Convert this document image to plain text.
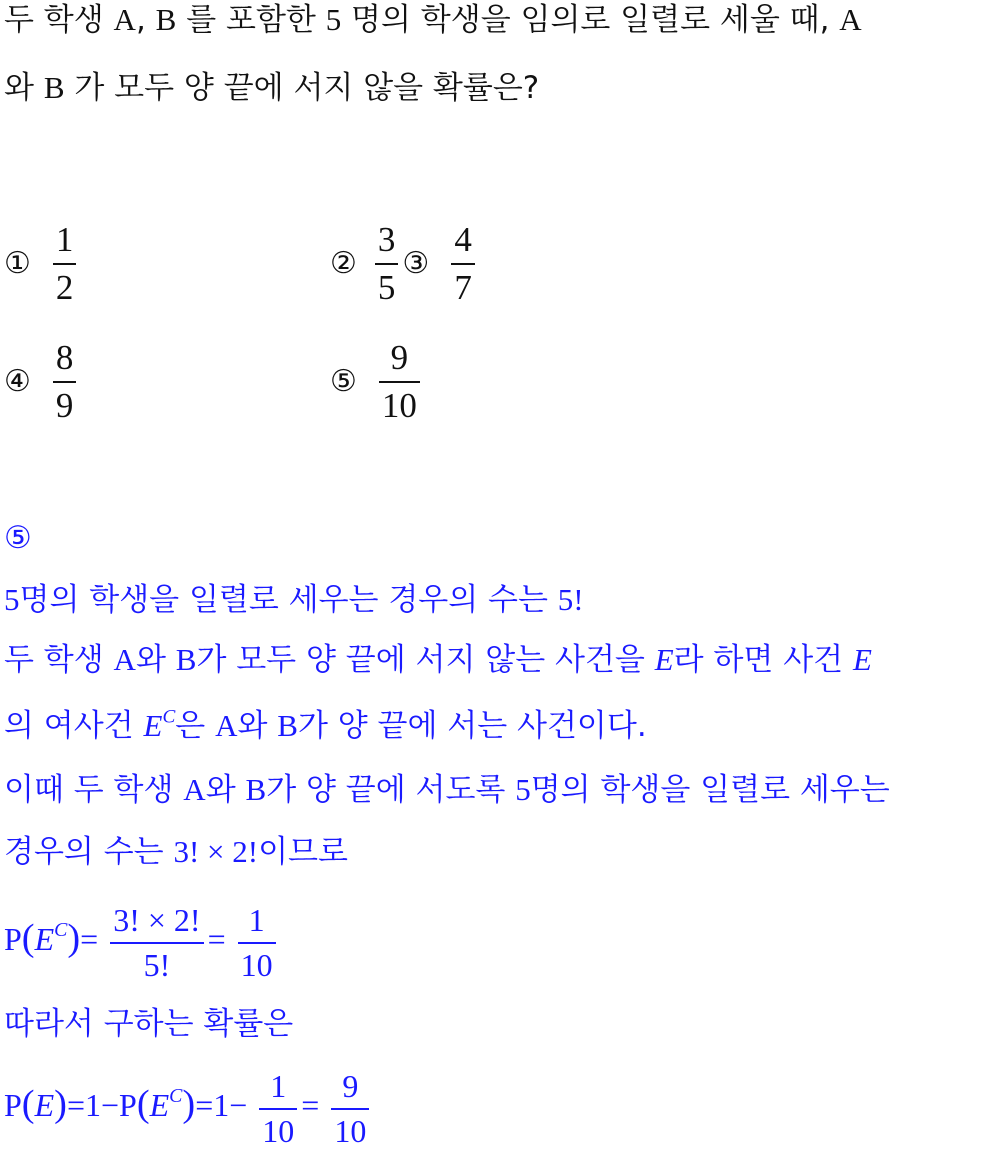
두 학생 A, B 를 포함한 5 명의 학생을 임의로 일렬로 세울 때, A
와 B 가 모두 양 끝에 서지 않을 확률은?
① $\frac{1}{2}$	② $\frac{3}{5}$ ③ $\frac{4}{7}$
④ $\frac{8}{9}$	⑤ $\frac{9}{10}$
⑤
5명의 학생을 일렬로 세우는 경우의 수는 5!
두 학생 A와 B가 모두 양 끝에 서지 않는 사건을 E라 하면 사건 E
의 여사건 $E^C$은 A와 B가 양 끝에 서는 사건이다.
이때 두 학생 A와 B가 양 끝에 서도록 5명의 학생을 일렬로 세우는
경우의 수는 3! × 2!이므로
$P(E^C)= \frac{3! \times 2!}{5!} = \frac{1}{10}$
따라서 구하는 확률은
$P(E)=1-P(E^C)=1- \frac{1}{10} = \frac{9}{10}$
